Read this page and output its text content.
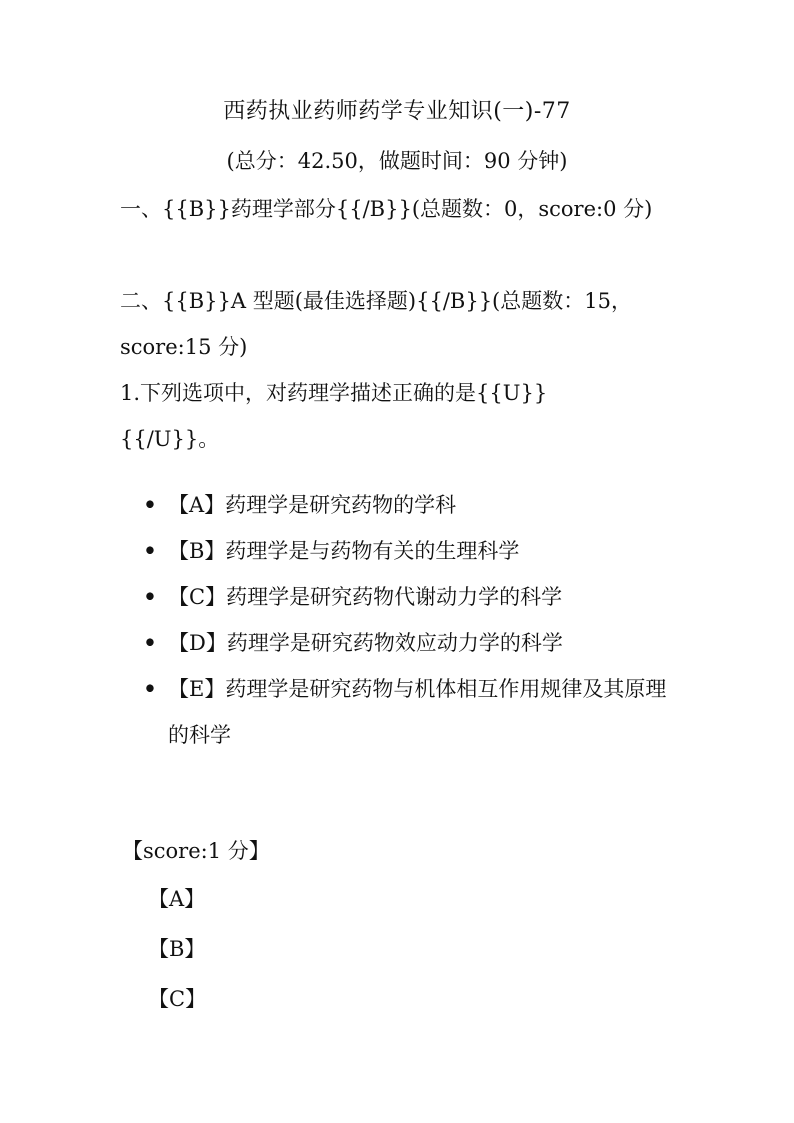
西药执业药师药学专业知识(一)-77
(总分：42.50，做题时间：90 分钟)
一、{{B}}药理学部分{{/B}}(总题数：0，score:0 分)
二、{{B}}A 型题(最佳选择题){{/B}}(总题数：15，score:15 分)
1.下列选项中，对药理学描述正确的是{{U}}{{/U}}。
• 【A】药理学是研究药物的学科
• 【B】药理学是与药物有关的生理科学
• 【C】药理学是研究药物代谢动力学的科学
• 【D】药理学是研究药物效应动力学的科学
• 【E】药理学是研究药物与机体相互作用规律及其原理的科学
【score:1 分】
【A】
【B】
【C】
